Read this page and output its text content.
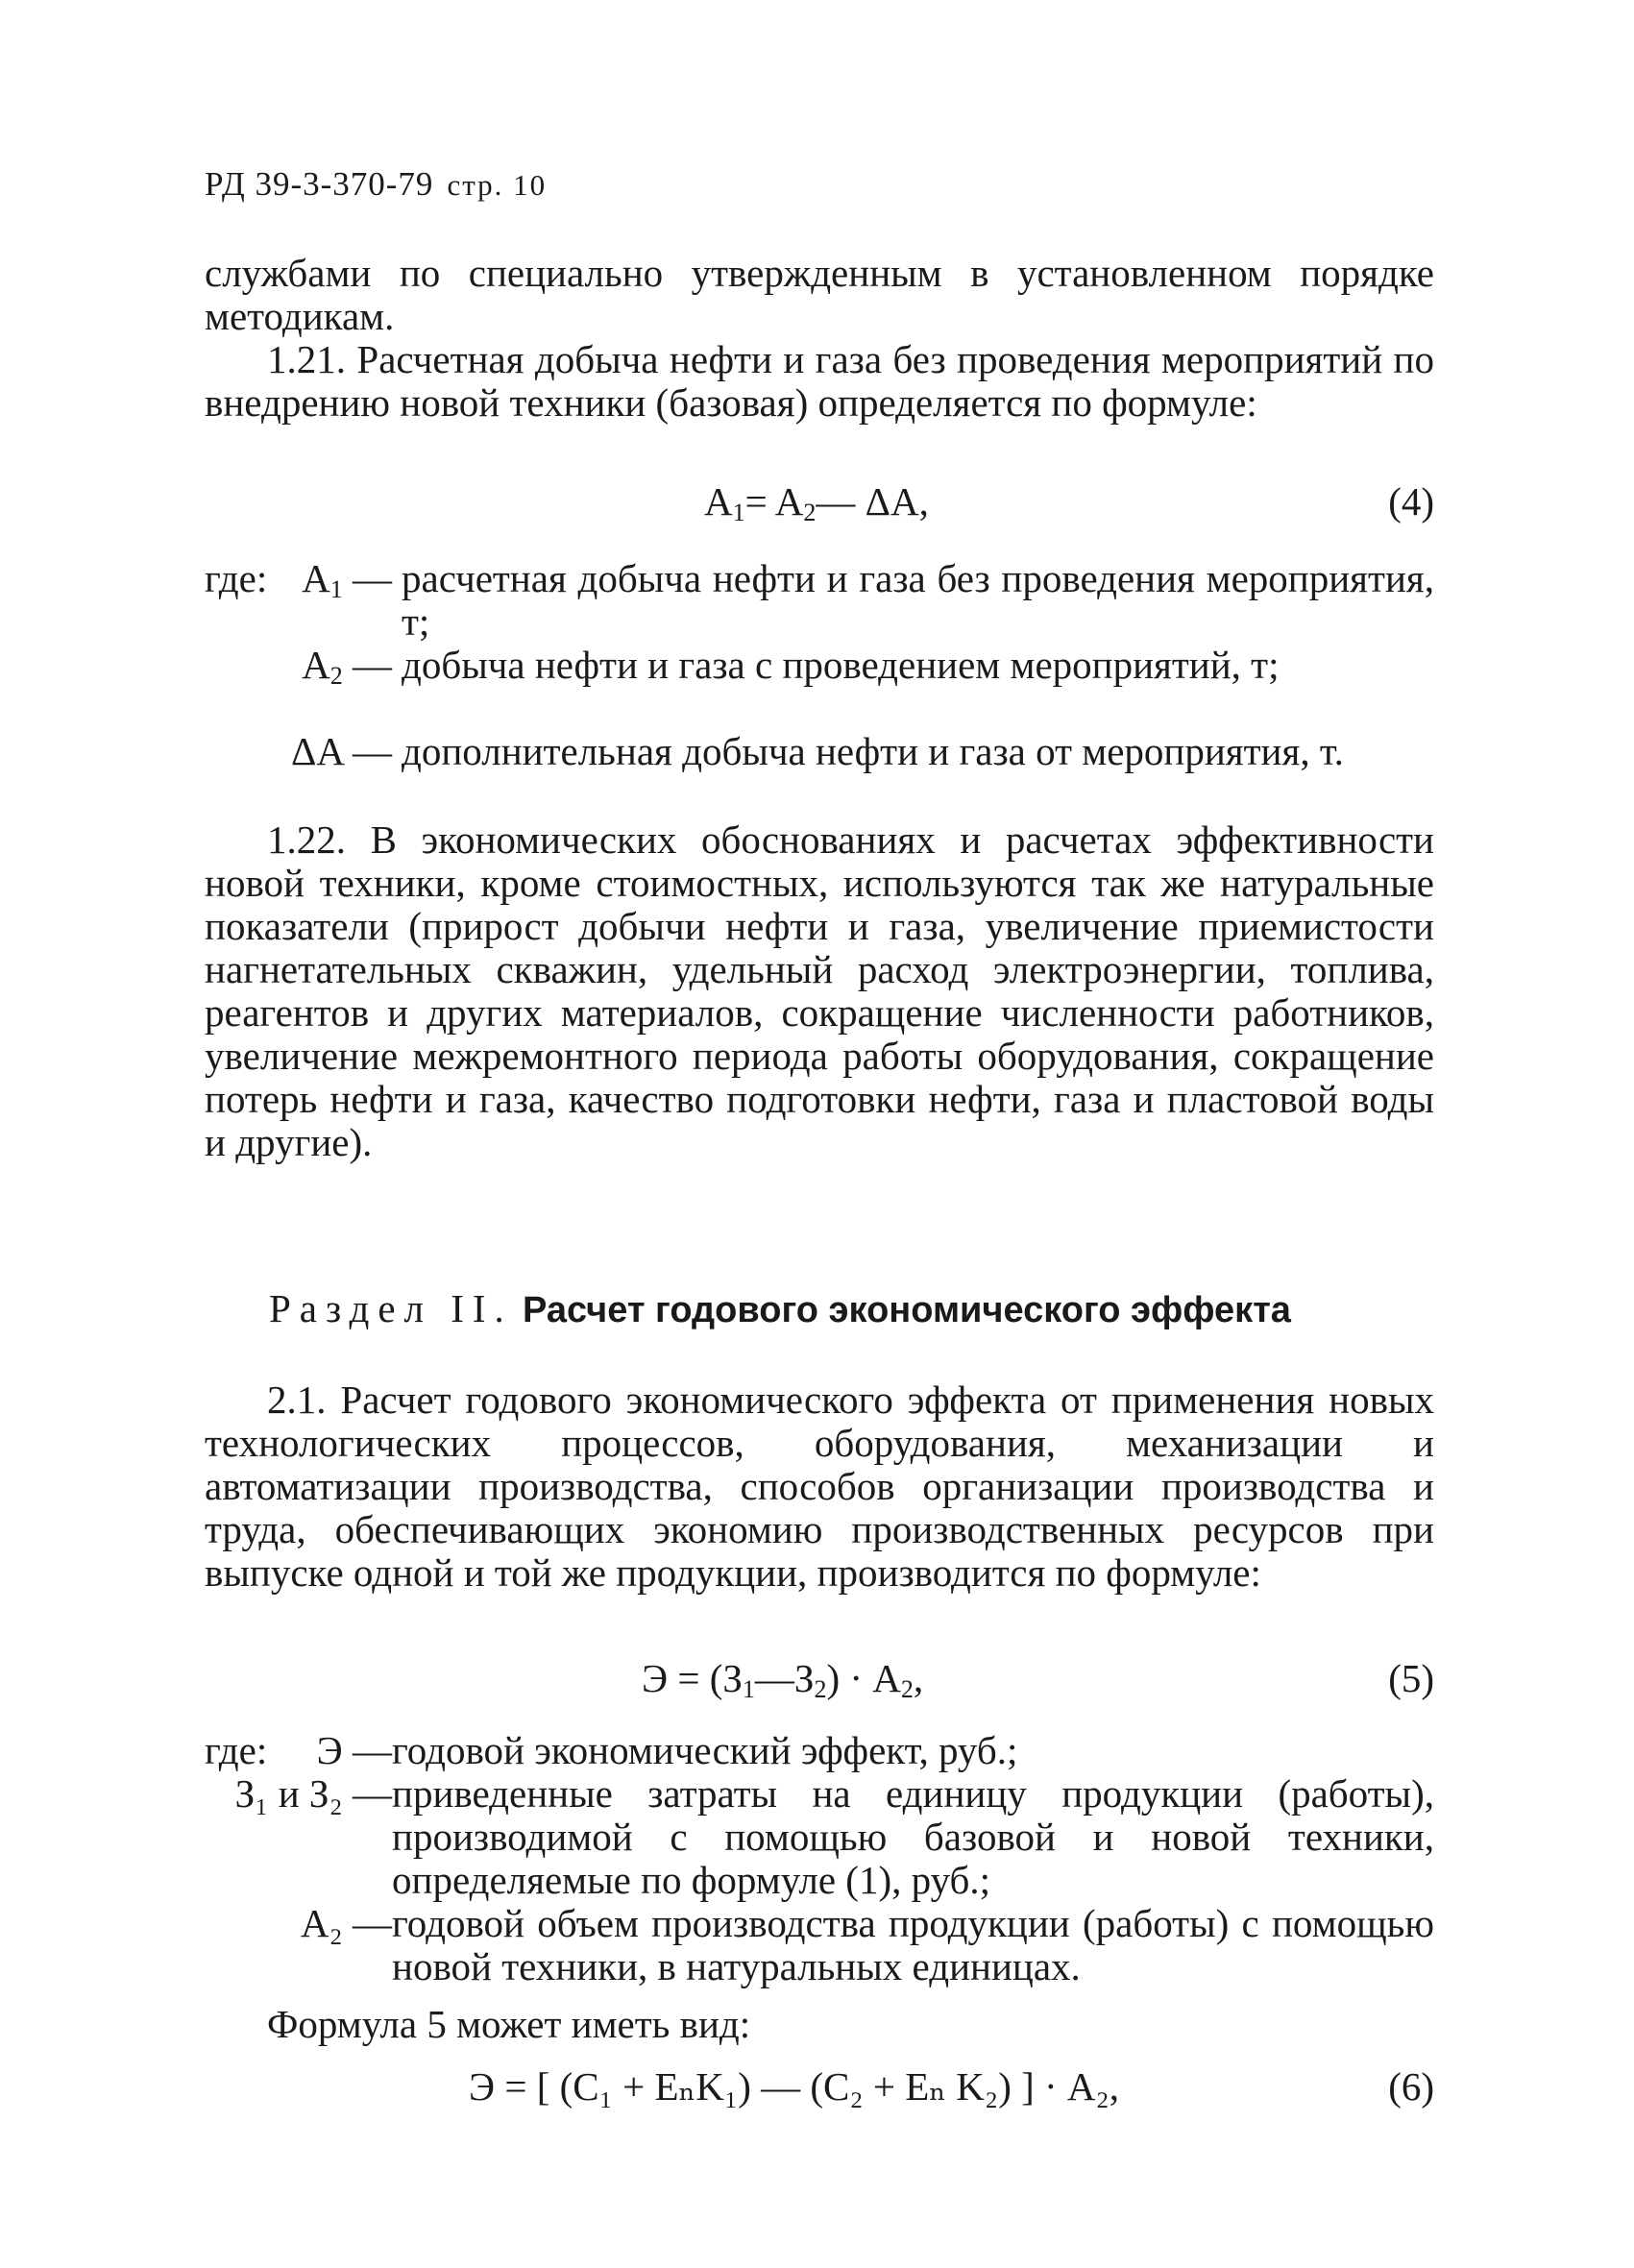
РД 39-3-370-79 стр. 10

службами по специально утвержденным в установленном порядке методикам.

1.21. Расчетная добыча нефти и газа без проведения мероприятий по внедрению новой техники (базовая) определяется по формуле:

$A_1=$ $A_2—$ ΔA,	(4)
где: $A_1$ — расчетная добыча нефти и газа без проведения мероприятия, т;
$A_2$ — добыча нефти и газа с проведением мероприятий, т;
ΔA — дополнительная добыча нефти и газа от мероприятия, т.

1.22. В экономических обоснованиях и расчетах эффективности новой техники, кроме стоимостных, используются так же натуральные показатели (прирост добычи нефти и газа, увеличение приемистости нагнетательных скважин, удельный расход электроэнергии, топлива, реагентов и других материалов, сокращение численности работников, увеличение межремонтного периода работы оборудования, сокращение потерь нефти и газа, качество подготовки нефти, газа и пластовой воды и другие).

Раздел II. Расчет годового экономического эффекта

2.1. Расчет годового экономического эффекта от применения новых технологических процессов, оборудования, механизации и автоматизации производства, способов организации производства и труда, обеспечивающих экономию производственных ресурсов при выпуске одной и той же продукции, производится по формуле:

$Э = (З_1—З_2) \cdot A_2$,	(5)
где:	Э — годовой экономический эффект, руб.;
З₁ и З₂ — приведенные затраты на единицу продукции (работы), производимой с помощью базовой и новой техники, определяемые по формуле (1), руб.;
A₂ — годовой объем производства продукции (работы) с помощью новой техники, в натуральных единицах.

Формула 5 может иметь вид:

Э = [ (C₁ + EₙK₁) — (C₂ + Eₙ K₂) ] · A₂,	(6)
